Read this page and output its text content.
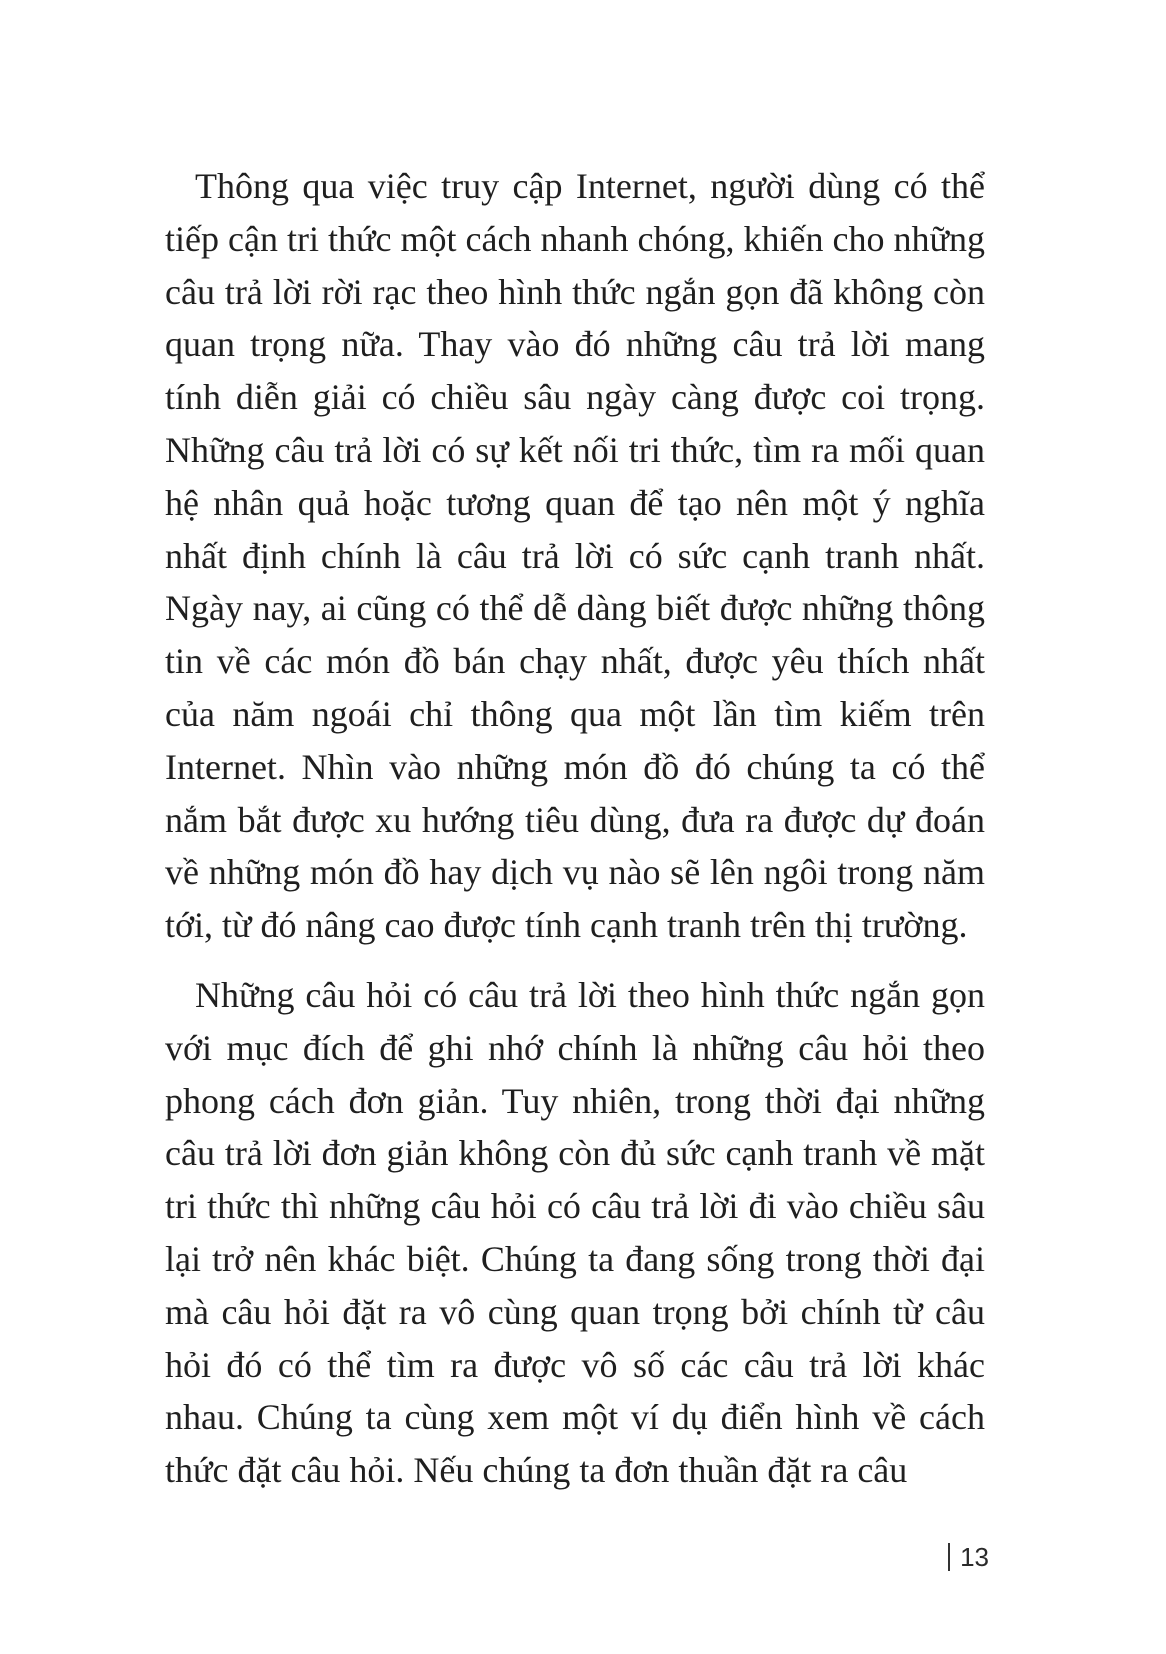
Thông qua việc truy cập Internet, người dùng có thể tiếp cận tri thức một cách nhanh chóng, khiến cho những câu trả lời rời rạc theo hình thức ngắn gọn đã không còn quan trọng nữa. Thay vào đó những câu trả lời mang tính diễn giải có chiều sâu ngày càng được coi trọng. Những câu trả lời có sự kết nối tri thức, tìm ra mối quan hệ nhân quả hoặc tương quan để tạo nên một ý nghĩa nhất định chính là câu trả lời có sức cạnh tranh nhất. Ngày nay, ai cũng có thể dễ dàng biết được những thông tin về các món đồ bán chạy nhất, được yêu thích nhất của năm ngoái chỉ thông qua một lần tìm kiếm trên Internet. Nhìn vào những món đồ đó chúng ta có thể nắm bắt được xu hướng tiêu dùng, đưa ra được dự đoán về những món đồ hay dịch vụ nào sẽ lên ngôi trong năm tới, từ đó nâng cao được tính cạnh tranh trên thị trường.

Những câu hỏi có câu trả lời theo hình thức ngắn gọn với mục đích để ghi nhớ chính là những câu hỏi theo phong cách đơn giản. Tuy nhiên, trong thời đại những câu trả lời đơn giản không còn đủ sức cạnh tranh về mặt tri thức thì những câu hỏi có câu trả lời đi vào chiều sâu lại trở nên khác biệt. Chúng ta đang sống trong thời đại mà câu hỏi đặt ra vô cùng quan trọng bởi chính từ câu hỏi đó có thể tìm ra được vô số các câu trả lời khác nhau. Chúng ta cùng xem một ví dụ điển hình về cách thức đặt câu hỏi. Nếu chúng ta đơn thuần đặt ra câu

13
